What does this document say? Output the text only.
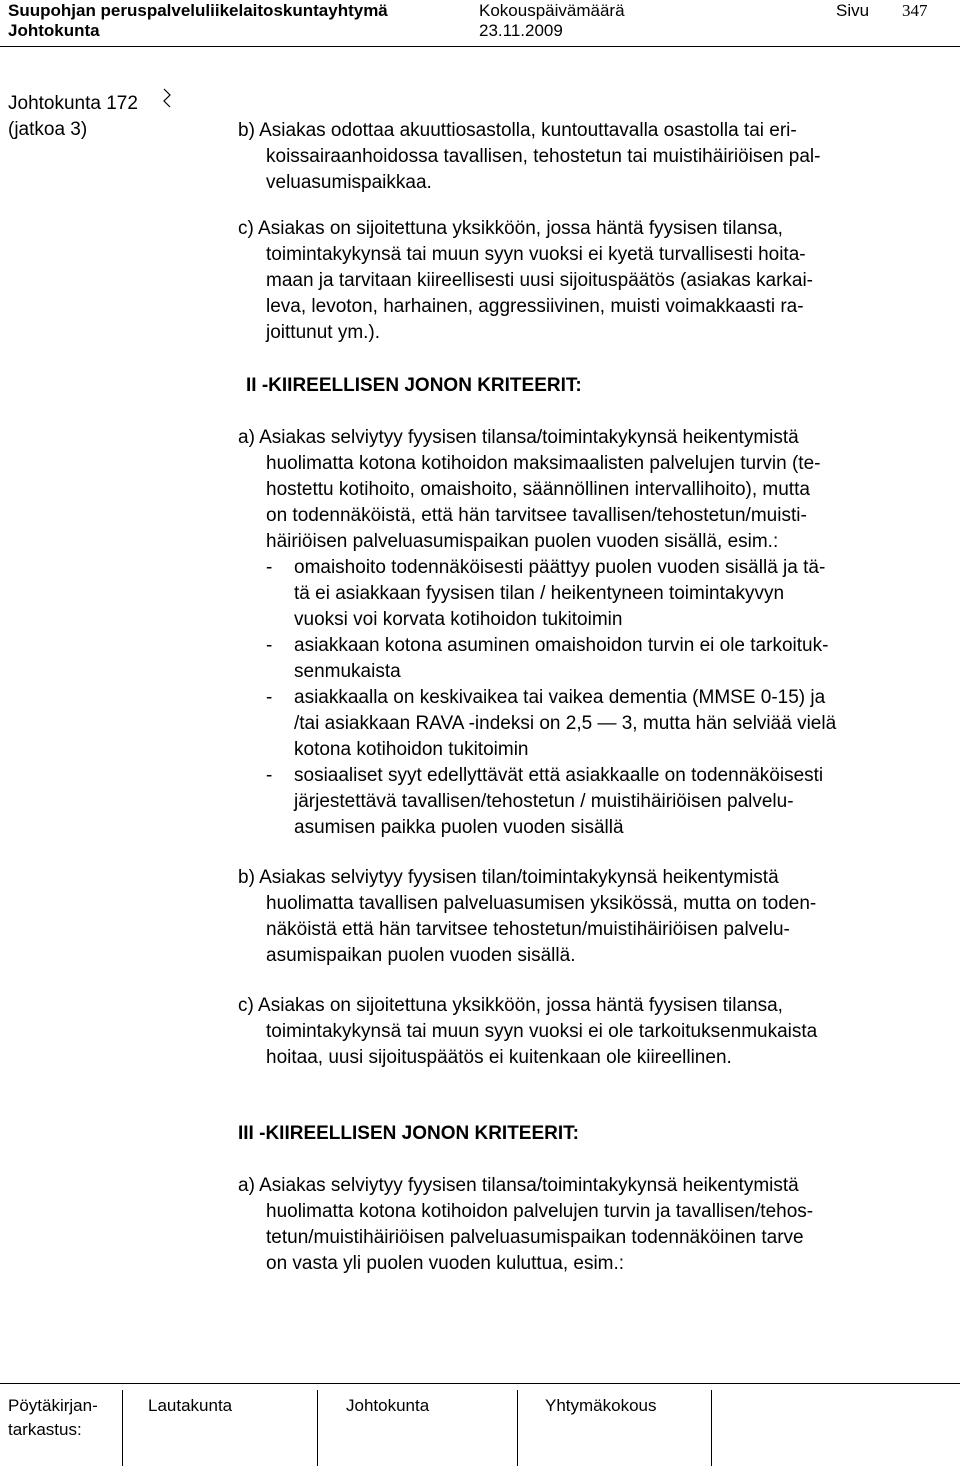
Suupohjan peruspalveluliikelaitoskuntayhtymä	Kokouspäivämäärä	Sivu 347
Johtokunta	23.11.2009
Johtokunta 172
(jatkoa 3)	b) Asiakas odottaa akuuttiosastolla, kuntouttavalla osastolla tai eri-
koissairaanhoidossa tavallisen, tehostetun tai muistihäiriöisen pal-
veluasumispaikkaa.
c) Asiakas on sijoitettuna yksikköön, jossa häntä fyysisen tilansa,
toimintakykynsä tai muun syyn vuoksi ei kyetä turvallisesti hoita-
maan ja tarvitaan kiireellisesti uusi sijoituspäätös (asiakas karkai-
leva, levoton, harhainen, aggressiivinen, muisti voimakkaasti ra-
joittunut ym.).
II -KIIREELLISEN JONON KRITEERIT:
a) Asiakas selviytyy fyysisen tilansa/toimintakykynsä heikentymistä
huolimatta kotona kotihoidon maksimaalisten palvelujen turvin (te-
hostettu kotihoito, omaishoito, säännöllinen intervallihoito), mutta
on todennäköistä, että hän tarvitsee tavallisen/tehostetun/muisti-
häiriöisen palveluasumispaikan puolen vuoden sisällä, esim.:
- omaishoito todennäköisesti päättyy puolen vuoden sisällä ja tä-
tä ei asiakkaan fyysisen tilan / heikentyneen toimintakyvyn
vuoksi voi korvata kotihoidon tukitoimin
- asiakkaan kotona asuminen omaishoidon turvin ei ole tarkoituk-
senmukaista
- asiakkaalla on keskivaikea tai vaikea dementia (MMSE 0-15) ja
/tai asiakkaan RAVA -indeksi on 2,5 — 3, mutta hän selviää vielä
kotona kotihoidon tukitoimin
- sosiaaliset syyt edellyttävät että asiakkaalle on todennäköisesti
järjestettävä tavallisen/tehostetun / muistihäiriöisen palvelu-
asumisen paikka puolen vuoden sisällä
b) Asiakas selviytyy fyysisen tilan/toimintakykynsä heikentymistä
huolimatta tavallisen palveluasumisen yksikössä, mutta on toden-
näköistä että hän tarvitsee tehostetun/muistihäiriöisen palvelu-
asumispaikan puolen vuoden sisällä.
c) Asiakas on sijoitettuna yksikköön, jossa häntä fyysisen tilansa,
toimintakykynsä tai muun syyn vuoksi ei ole tarkoituksenmukaista
hoitaa, uusi sijoituspäätös ei kuitenkaan ole kiireellinen.
III -KIIREELLISEN JONON KRITEERIT:
a) Asiakas selviytyy fyysisen tilansa/toimintakykynsä heikentymistä
huolimatta kotona kotihoidon palvelujen turvin ja tavallisen/tehos-
tetun/muistihäiriöisen palveluasumispaikan todennäköinen tarve
on vasta yli puolen vuoden kuluttua, esim.:
Pöytäkirjan-
tarkastus:
Lautakunta	Johtokunta	Yhtymäkokous
